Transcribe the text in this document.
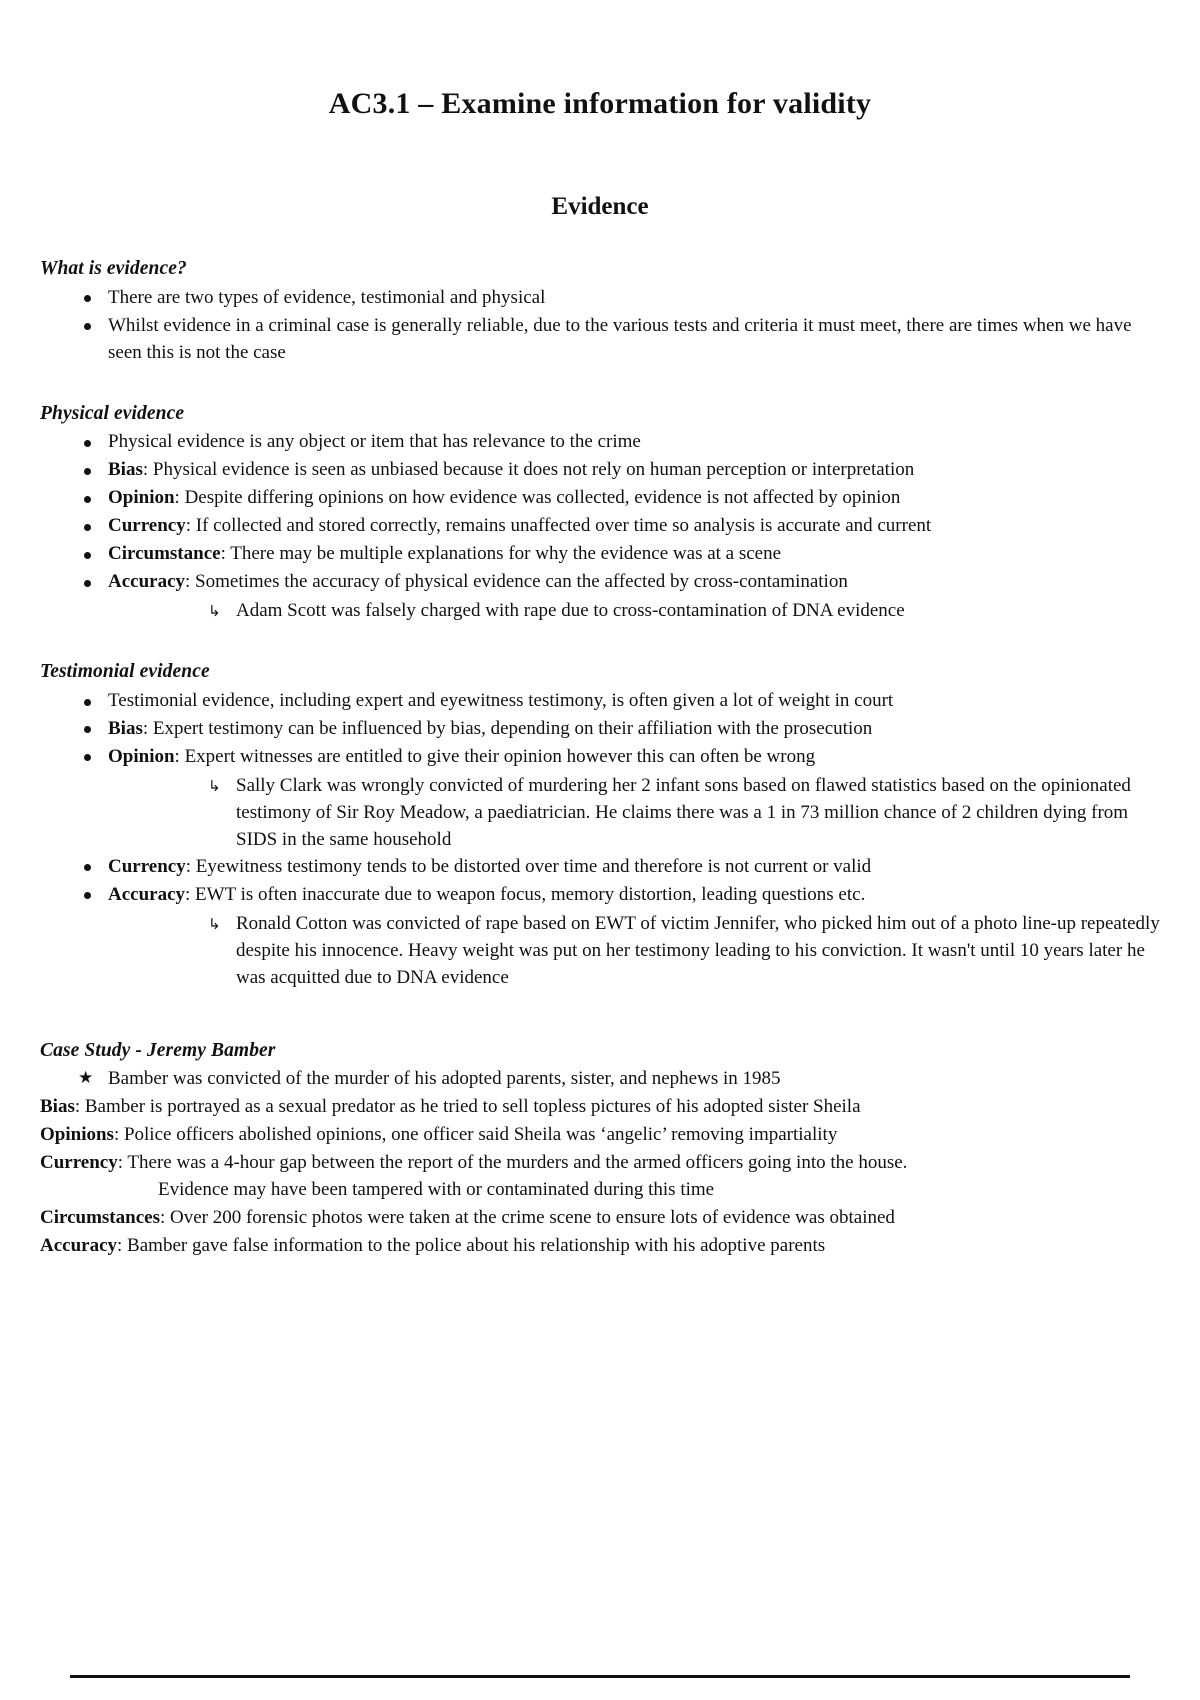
AC3.1 – Examine information for validity
Evidence
What is evidence?
There are two types of evidence, testimonial and physical
Whilst evidence in a criminal case is generally reliable, due to the various tests and criteria it must meet, there are times when we have seen this is not the case
Physical evidence
Physical evidence is any object or item that has relevance to the crime
Bias: Physical evidence is seen as unbiased because it does not rely on human perception or interpretation
Opinion: Despite differing opinions on how evidence was collected, evidence is not affected by opinion
Currency: If collected and stored correctly, remains unaffected over time so analysis is accurate and current
Circumstance: There may be multiple explanations for why the evidence was at a scene
Accuracy: Sometimes the accuracy of physical evidence can the affected by cross-contamination
↳ Adam Scott was falsely charged with rape due to cross-contamination of DNA evidence
Testimonial evidence
Testimonial evidence, including expert and eyewitness testimony, is often given a lot of weight in court
Bias: Expert testimony can be influenced by bias, depending on their affiliation with the prosecution
Opinion: Expert witnesses are entitled to give their opinion however this can often be wrong
↳ Sally Clark was wrongly convicted of murdering her 2 infant sons based on flawed statistics based on the opinionated testimony of Sir Roy Meadow, a paediatrician. He claims there was a 1 in 73 million chance of 2 children dying from SIDS in the same household
Currency: Eyewitness testimony tends to be distorted over time and therefore is not current or valid
Accuracy: EWT is often inaccurate due to weapon focus, memory distortion, leading questions etc.
↳ Ronald Cotton was convicted of rape based on EWT of victim Jennifer, who picked him out of a photo line-up repeatedly despite his innocence. Heavy weight was put on her testimony leading to his conviction. It wasn't until 10 years later he was acquitted due to DNA evidence
Case Study - Jeremy Bamber
★ Bamber was convicted of the murder of his adopted parents, sister, and nephews in 1985
Bias: Bamber is portrayed as a sexual predator as he tried to sell topless pictures of his adopted sister Sheila
Opinions: Police officers abolished opinions, one officer said Sheila was ‘angelic’ removing impartiality
Currency: There was a 4-hour gap between the report of the murders and the armed officers going into the house.
Evidence may have been tampered with or contaminated during this time
Circumstances: Over 200 forensic photos were taken at the crime scene to ensure lots of evidence was obtained
Accuracy: Bamber gave false information to the police about his relationship with his adoptive parents
